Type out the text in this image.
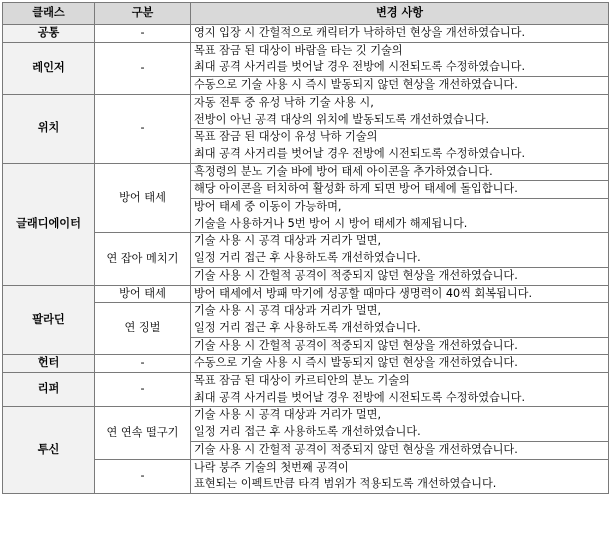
클래스	구분	변경 사항
공통	-	영지 입장 시 간헐적으로 캐릭터가 낙하하던 현상을 개선하였습니다.
레인저	-	목표 잠금 된 대상이 바람을 타는 깃 기술의
최대 공격 사거리를 벗어날 경우 전방에 시전되도록 수정하였습니다.
		수동으로 기술 사용 시 즉시 발동되지 않던 현상을 개선하였습니다.
위치	-	자동 전투 중 유성 낙하 기술 사용 시,
전방이 아닌 공격 대상의 위치에 발동되도록 개선하였습니다.
		목표 잠금 된 대상이 유성 낙하 기술의
최대 공격 사거리를 벗어날 경우 전방에 시전되도록 수정하였습니다.
글래디에이터	방어 태세	흑정령의 분노 기술 바에 방어 태세 아이콘을 추가하였습니다.
		해당 아이콘을 터치하여 활성화 하게 되면 방어 태세에 돌입합니다.
		방어 태세 중 이동이 가능하며,
기술을 사용하거나 5번 방어 시 방어 태세가 해제됩니다.
	연 잡아 메치기	기술 사용 시 공격 대상과 거리가 멀면,
일정 거리 접근 후 사용하도록 개선하였습니다.
		기술 사용 시 간헐적 공격이 적중되지 않던 현상을 개선하였습니다.
팔라딘	방어 태세	방어 태세에서 방패 막기에 성공할 때마다 생명력이 40씩 회복됩니다.
	연 징벌	기술 사용 시 공격 대상과 거리가 멀면,
일정 거리 접근 후 사용하도록 개선하였습니다.
		기술 사용 시 간헐적 공격이 적중되지 않던 현상을 개선하였습니다.
헌터	-	수동으로 기술 사용 시 즉시 발동되지 않던 현상을 개선하였습니다.
리퍼	-	목표 잠금 된 대상이 카르티안의 분노 기술의
최대 공격 사거리를 벗어날 경우 전방에 시전되도록 수정하였습니다.
투신	연 연속 떨구기	기술 사용 시 공격 대상과 거리가 멀면,
일정 거리 접근 후 사용하도록 개선하였습니다.
		기술 사용 시 간헐적 공격이 적중되지 않던 현상을 개선하였습니다.
	-	나락 붕주 기술의 첫번째 공격이
표현되는 이펙트만큼 타격 범위가 적용되도록 개선하였습니다.
